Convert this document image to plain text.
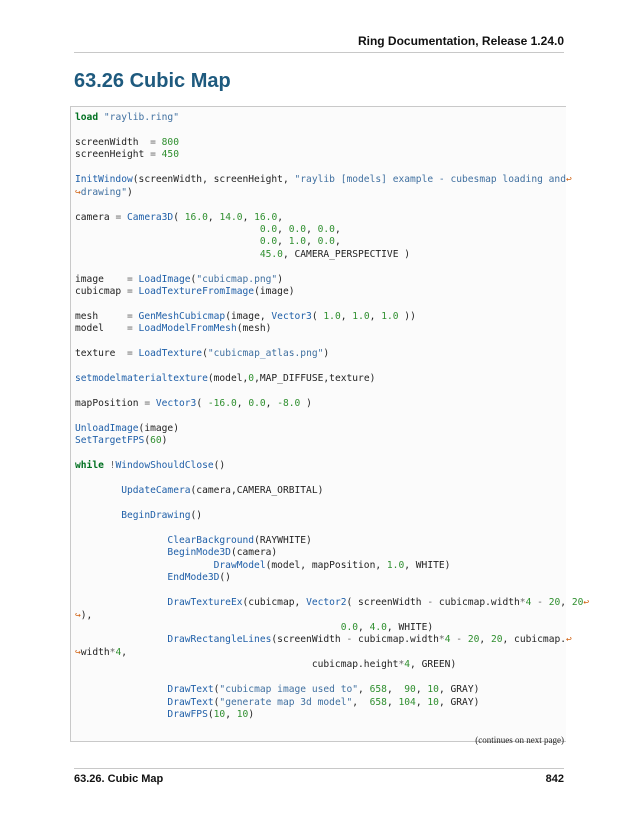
Ring Documentation, Release 1.24.0
63.26 Cubic Map
load "raylib.ring"

screenWidth  = 800
screenHeight = 450

InitWindow(screenWidth, screenHeight, "raylib [models] example - cubesmap loading and↩
↪drawing")

camera = Camera3D( 16.0, 14.0, 16.0,
0.0, 0.0, 0.0,
0.0, 1.0, 0.0,
45.0, CAMERA_PERSPECTIVE )

image    = LoadImage("cubicmap.png")
cubicmap = LoadTextureFromImage(image)

mesh     = GenMeshCubicmap(image, Vector3( 1.0, 1.0, 1.0 ))
model    = LoadModelFromMesh(mesh)

texture  = LoadTexture("cubicmap_atlas.png")

setmodelmaterialtexture(model,0,MAP_DIFFUSE,texture)

mapPosition = Vector3( -16.0, 0.0, -8.0 )

UnloadImage(image)
SetTargetFPS(60)

while !WindowShouldClose()

UpdateCamera(camera,CAMERA_ORBITAL)

BeginDrawing()

ClearBackground(RAYWHITE)
BeginMode3D(camera)
DrawModel(model, mapPosition, 1.0, WHITE)
EndMode3D()

DrawTextureEx(cubicmap, Vector2( screenWidth - cubicmap.width*4 - 20, 20↩
↪),
0.0, 4.0, WHITE)
DrawRectangleLines(screenWidth - cubicmap.width*4 - 20, 20, cubicmap.↩
↪width*4,
cubicmap.height*4, GREEN)

DrawText("cubicmap image used to", 658,  90, 10, GRAY)
DrawText("generate map 3d model",  658, 104, 10, GRAY)
DrawFPS(10, 10)
(continues on next page)
63.26. Cubic Map	842
